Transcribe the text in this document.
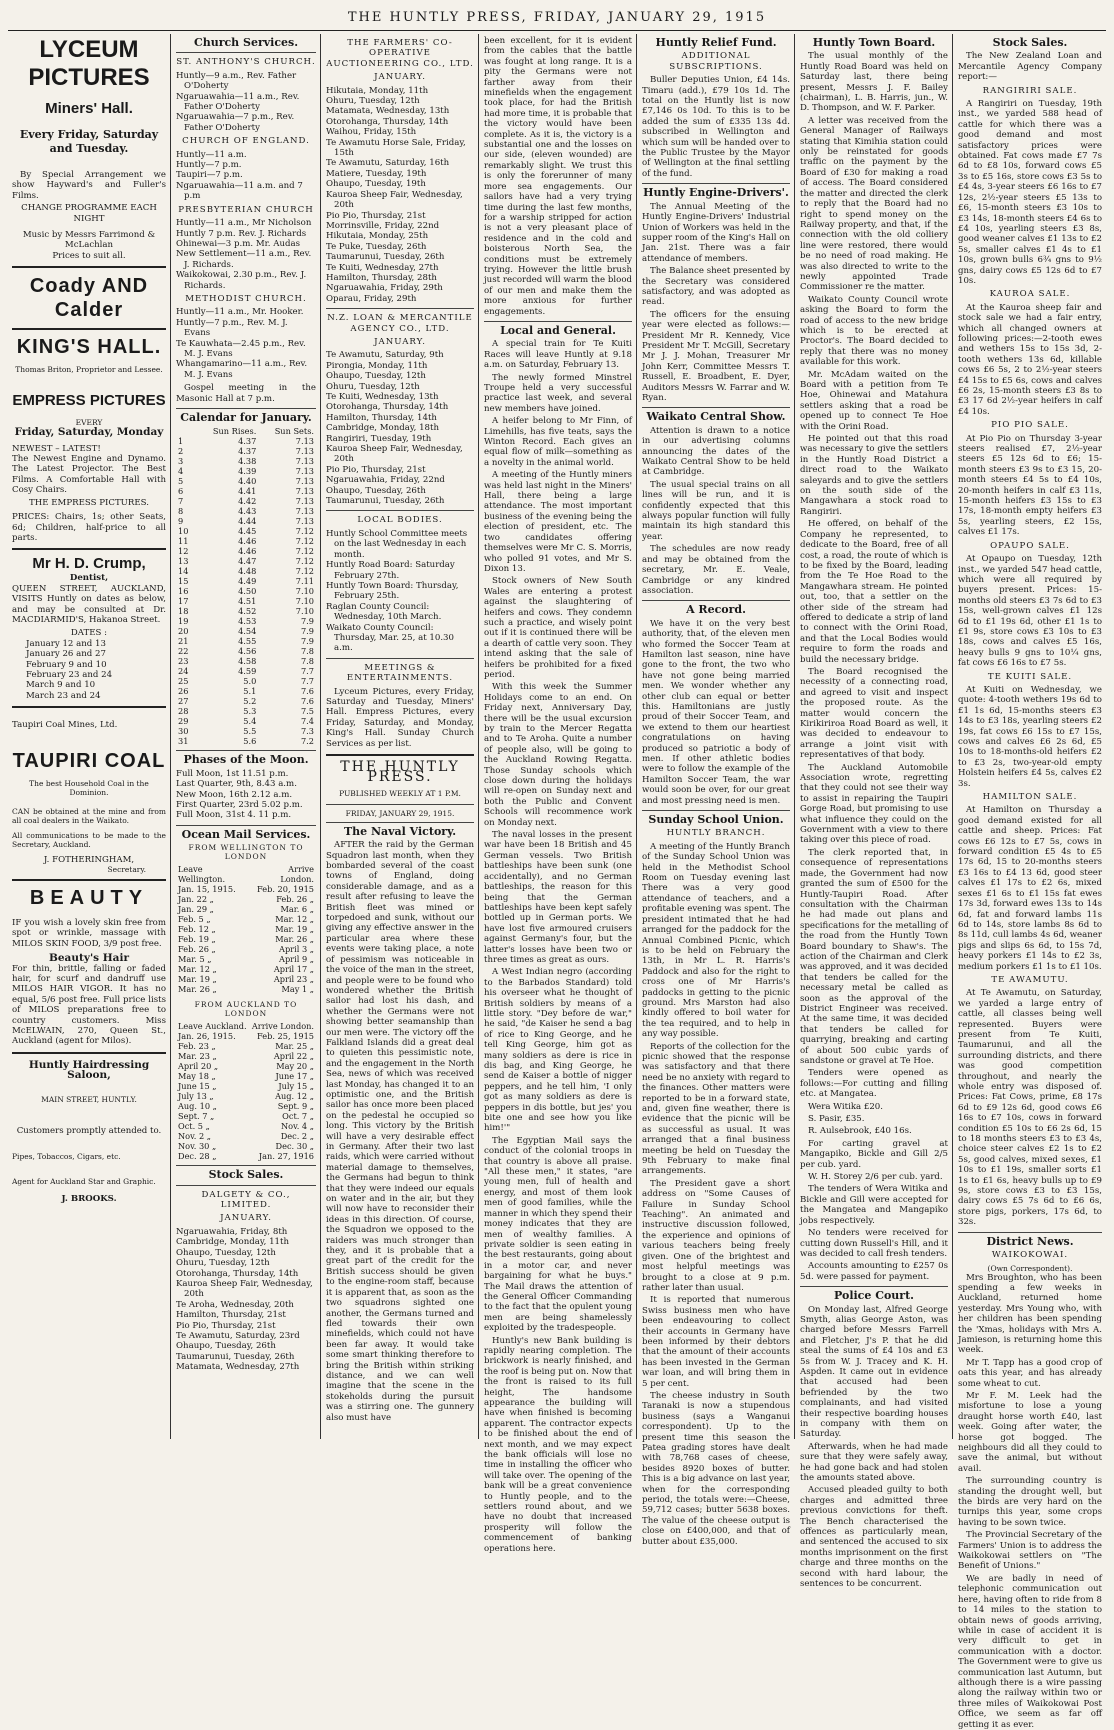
THE HUNTLY PRESS, FRIDAY, JANUARY 29, 1915
LYCEUM
PICTURES
Miners' Hall.
Every Friday, Saturday and Tuesday.

By Special Arrangement we show Hayward's and Fuller's Films.

CHANGE PROGRAMME EACH NIGHT
Music by Messrs Farrimond & McLachlan
Prices to suit all.
Coady AND Calder
KING'S HALL.
Thomas Briton, Proprietor and Lessee.
EMPRESS PICTURES
EVERY
Friday, Saturday, Monday
NEWEST – LATEST!

The Newest Engine and Dynamo. The Latest Projector. The Best Films. A Comfortable Hall with Cosy Chairs.

THE EMPRESS PICTURES.

PRICES: Chairs, 1s; other Seats, 6d; Children, half-price to all parts.

Mr H. D. Crump,
Dentist,

QUEEN STREET, AUCKLAND, VISITS Huntly on dates as below, and may be consulted at Dr. MACDIARMID'S, Hakanoa Street.

DATES :
January 12 and 13
January 26 and 27
February 9 and 10
February 23 and 24
March 9 and 10
March 23 and 24
Taupiri Coal Mines, Ltd.
TAUPIRI COAL
The best Household Coal in the Dominion.

CAN be obtained at the mine and from all coal dealers in the Waikato.

All communications to be made to the Secretary, Auckland.

J. FOTHERINGHAM,
Secretary.
BEAUTY

IF you wish a lovely skin free from spot or wrinkle, massage with MILOS SKIN FOOD, 3/9 post free.

Beauty's Hair

For thin, brittle, falling or faded hair, for scurf and dandruff use MILOS HAIR VIGOR. It has no equal, 5/6 post free. Full price lists of MILOS preparations free to country customers. Miss McELWAIN, 270, Queen St., Auckland (agent for Milos).

Huntly Hairdressing
Saloon,
MAIN STREET, HUNTLY.
Customers promptly attended to.
Pipes, Tobaccos, Cigars, etc.
Agent for Auckland Star and Graphic.
J. BROOKS.
Church Services.
ST. ANTHONY'S CHURCH.
Huntly—9 a.m., Rev. Father O'Doherty
Ngaruawahia—11 a.m., Rev. Father O'Doherty
Ngaruawahia—7 p.m., Rev. Father O'Doherty
CHURCH OF ENGLAND.
Huntly—11 a.m.
Huntly—7 p.m.
Taupiri—7 p.m.
Ngaruawahia—11 a.m. and 7 p.m
PRESBYTERIAN CHURCH
Huntly—11 a.m., Mr Nicholson
Huntly 7 p.m. Rev. J. Richards
Ohinewai—3 p.m. Mr. Audas
New Settlement—11 a.m., Rev. J. Richards.
Waikokowai, 2.30 p.m., Rev. J. Richards.
METHODIST CHURCH.
Huntly—11 a.m., Mr. Hooker.
Huntly—7 p.m., Rev. M. J. Evans
Te Kauwhata—2.45 p.m., Rev. M. J. Evans
Whangamarino—11 a.m., Rev. M. J. Evans

Gospel meeting in the Masonic Hall at 7 p.m.

Calendar for January.
	Sun Rises.	Sun Sets.
1	4.37	7.13
2	4.37	7.13
3	4.38	7.13
4	4.39	7.13
5	4.40	7.13
6	4.41	7.13
7	4.42	7.13
8	4.43	7.13
9	4.44	7.13
10	4.45	7.12
11	4.46	7.12
12	4.46	7.12
13	4.47	7.12
14	4.48	7.12
15	4.49	7.11
16	4.50	7.10
17	4.51	7.10
18	4.52	7.10
19	4.53	7.9
20	4.54	7.9
21	4.55	7.9
22	4.56	7.8
23	4.58	7.8
24	4.59	7.7
25	5.0	7.7
26	5.1	7.6
27	5.2	7.6
28	5.3	7.5
29	5.4	7.4
30	5.5	7.3
31	5.6	7.2
Phases of the Moon.
Full Moon, 1st 11.51 p.m.
Last Quarter, 9th, 8.43 a.m.
New Moon, 16th 2.12 a.m.
First Quarter, 23rd 5.02 p.m.
Full Moon, 31st 4. 11 p.m.
Ocean Mail Services.
FROM WELLINGTON TO LONDON
Leave Wellington.	Arrive London.
Jan. 15, 1915.	Feb. 20, 1915
Jan. 22 „	Feb. 26 „
Jan. 29 „	Mar. 6 „
Feb. 5 „	Mar. 12 „
Feb. 12 „	Mar. 19 „
Feb. 19 „	Mar. 26 „
Feb. 26 „	April 3 „
Mar. 5 „	April 9 „
Mar. 12 „	April 17 „
Mar. 19 „	April 23 „
Mar. 26 „	May 1 „
FROM AUCKLAND TO LONDON
Leave Auckland.	Arrive London.
Jan. 26, 1915.	Feb. 25, 1915
Feb. 23 „	Mar. 25 „
Mar. 23 „	April 22 „
April 20 „	May 20 „
May 18 „	June 17 „
June 15 „	July 15 „
July 13 „	Aug. 12 „
Aug. 10 „	Sept. 9 „
Sept. 7 „	Oct. 7 „
Oct. 5 „	Nov. 4 „
Nov. 2 „	Dec. 2 „
Nov. 30 „	Dec. 30 „
Dec. 28 „	Jan. 27, 1916
Stock Sales.
DALGETY & CO., LIMITED.
JANUARY.
Ngaruawahia, Friday, 8th
Cambridge, Monday, 11th
Ohaupo, Tuesday, 12th
Ohuru, Tuesday, 12th
Otorohanga, Thursday, 14th
Kauroa Sheep Fair, Wednesday, 20th
Te Aroha, Wednesday, 20th
Hamilton, Thursday, 21st
Pio Pio, Thursday, 21st
Te Awamutu, Saturday, 23rd
Ohaupo, Tuesday, 26th
Taumarunui, Tuesday, 26th
Matamata, Wednesday, 27th
THE FARMERS' CO-OPERATIVE AUCTIONEERING CO., LTD.
JANUARY.
Hikutaia, Monday, 11th
Ohuru, Tuesday, 12th
Matamata, Wednesday, 13th
Otorohanga, Thursday, 14th
Waihou, Friday, 15th
Te Awamutu Horse Sale, Friday, 15th
Te Awamutu, Saturday, 16th
Matiere, Tuesday, 19th
Ohaupo, Tuesday, 19th
Kauroa Sheep Fair, Wednesday, 20th
Pio Pio, Thursday, 21st
Morrinsville, Friday, 22nd
Hikutaia, Monday, 25th
Te Puke, Tuesday, 26th
Taumarunui, Tuesday, 26th
Te Kuiti, Wednesday, 27th
Hamilton, Thursday, 28th
Ngaruawahia, Friday, 29th
Oparau, Friday, 29th
N.Z. LOAN & MERCANTILE AGENCY CO., LTD.
JANUARY.
Te Awamutu, Saturday, 9th
Pirongia, Monday, 11th
Ohaupo, Tuesday, 12th
Ohuru, Tuesday, 12th
Te Kuiti, Wednesday, 13th
Otorohanga, Thursday, 14th
Hamilton, Thursday, 14th
Cambridge, Monday, 18th
Rangiriri, Tuesday, 19th
Kauroa Sheep Fair, Wednesday, 20th
Pio Pio, Thursday, 21st
Ngaruawahia, Friday, 22nd
Ohaupo, Tuesday, 26th
Taumarunui, Tuesday, 26th
LOCAL BODIES.
Huntly School Committee meets on the last Wednesday in each month.
Huntly Road Board: Saturday February 27th.
Huntly Town Board: Thursday, February 25th.
Raglan County Council: Wednesday, 10th March.
Waikato County Council: Thursday, Mar. 25, at 10.30 a.m.
MEETINGS & ENTERTAINMENTS.

Lyceum Pictures, every Friday, Saturday and Tuesday, Miners' Hall. Empress Pictures, every Friday, Saturday, and Monday, King's Hall. Sunday Church Services as per list.

THE HUNTLY PRESS.
PUBLISHED WEEKLY AT 1 P.M.
FRIDAY, JANUARY 29, 1915.
The Naval Victory.

AFTER the raid by the German Squadron last month, when they bombarded several of the coast towns of England, doing considerable damage, and as a result after refusing to leave the British fleet was mined or torpedoed and sunk, without our giving any effective answer in the particular area where these events were taking place, a note of pessimism was noticeable in the voice of the man in the street, and people were to be found who wondered whether the British sailor had lost his dash, and whether the Germans were not showing better seamanship than our men were. The victory off the Falkland Islands did a great deal to quieten this pessimistic note, and the engagement in the North Sea, news of which was received last Monday, has changed it to an optimistic one, and the British sailor has once more been placed on the pedestal he occupied so long. This victory by the British will have a very desirable effect in Germany. After their two last raids, which were carried without material damage to themselves, the Germans had begun to think that they were indeed our equals on water and in the air, but they will now have to reconsider their ideas in this direction. Of course, the Squadron we opposed to the raiders was much stronger than they, and it is probable that a great part of the credit for the British success should be given to the engine-room staff, because it is apparent that, as soon as the two squadrons sighted one another, the Germans turned and fled towards their own minefields, which could not have been far away. It would take some smart thinking therefore to bring the British within striking distance, and we can well imagine that the scene in the stokeholds during the pursuit was a stirring one. The gunnery also must have

been excellent, for it is evident from the cables that the battle was fought at long range. It is a pity the Germans were not farther away from their minefields when the engagement took place, for had the British had more time, it is probable that the victory would have been complete. As it is, the victory is a substantial one and the losses on our side, (eleven wounded) are remarkably slight. We trust this is only the forerunner of many more sea engagements. Our sailors have had a very trying time during the last few months, for a warship stripped for action is not a very pleasant place of residence and in the cold and boisterous North Sea, the conditions must be extremely trying. However the little brush just recorded will warm the blood of our men and make them the more anxious for further engagements.

Local and General.

A special train for Te Kuiti Races will leave Huntly at 9.18 a.m. on Saturday, February 13.

The newly formed Minstrel Troupe held a very successful practice last week, and several new members have joined.

A heifer belong to Mr Finn, of Limehills, has five teats, says the Winton Record. Each gives an equal flow of milk—something as a novelty in the animal world.

A meeting of the Huntly miners was held last night in the Miners' Hall, there being a large attendance. The most important business of the evening being the election of president, etc. The two candidates offering themselves were Mr C. S. Morris, who polled 91 votes, and Mr S. Dixon 13.

Stock owners of New South Wales are entering a protest against the slaughtering of heifers and cows. They condemn such a practice, and wisely point out if it is continued there will be a dearth of cattle very soon. They intend asking that the sale of heifers be prohibited for a fixed period.

With this week the Summer Holidays come to an end. On Friday next, Anniversary Day, there will be the usual excursion by train to the Mercer Regatta and to Te Aroha. Quite a number of people also, will be going to the Auckland Rowing Regatta. Those Sunday schools which close down during the holidays will re-open on Sunday next and both the Public and Convent Schools will recommence work on Monday next.

The naval losses in the present war have been 18 British and 45 German vessels. Two British battleships have been sunk (one accidentally), and no German battleships, the reason for this being that the German battleships have been kept safely bottled up in German ports. We have lost five armoured cruisers against Germany's four, but the latter's losses have been two or three times as great as ours.

A West Indian negro (according to the Barbados Standard) told his overseer what he thought of British soldiers by means of a little story. "Dey before de war," he said, "de Kaiser he send a bag of rice to King George, and he tell King George, him got as many soldiers as dere is rice in dis bag, and King George, he send de Kaiser a bottle of nigger peppers, and he tell him, 'I only got as many soldiers as dere is peppers in dis bottle, but jes' you bite one and see how you like him!'"

The Egyptian Mail says the conduct of the colonial troops in that country is above all praise. "All these men," it states, "are young men, full of health and energy, and most of them look men of good families, while the manner in which they spend their money indicates that they are men of wealthy families. A private soldier is seen eating in the best restaurants, going about in a motor car, and never bargaining for what he buys." The Mail draws the attention of the General Officer Commanding to the fact that the opulent young men are being shamelessly exploited by the tradespeople.

Huntly's new Bank building is rapidly nearing completion. The brickwork is nearly finished, and the roof is being put on. Now that the front is raised to its full height, The handsome appearance the building will have when finished is becoming apparent. The contractor expects to be finished about the end of next month, and we may expect the bank officials will lose no time in installing the officer who will take over. The opening of the bank will be a great convenience to Huntly people, and to the settlers round about, and we have no doubt that increased prosperity will follow the commencement of banking operations here.

Huntly Relief Fund.
ADDITIONAL SUBSCRIPTIONS.

Buller Deputies Union, £4 14s. Timaru (add.), £79 10s 1d. The total on the Huntly list is now £7,146 0s 10d. To this is to be added the sum of £335 13s 4d. subscribed in Wellington and which sum will be handed over to the Public Trustee by the Mayor of Wellington at the final settling of the fund.

Huntly Engine-Drivers'.

The Annual Meeting of the Huntly Engine-Drivers' Industrial Union of Workers was held in the supper room of the King's Hall on Jan. 21st. There was a fair attendance of members.

The Balance sheet presented by the Secretary was considered satisfactory, and was adopted as read.

The officers for the ensuing year were elected as follows:—President Mr R. Kennedy, Vice President Mr T. McGill, Secretary Mr J. J. Mohan, Treasurer Mr John Kerr, Committee Messrs T. Russell, E. Broadbent, E. Dyer, Auditors Messrs W. Farrar and W. Ryan.

Waikato Central Show.

Attention is drawn to a notice in our advertising columns announcing the dates of the Waikato Central Show to be held at Cambridge.

The usual special trains on all lines will be run, and it is confidently expected that this always popular function will fully maintain its high standard this year.

The schedules are now ready and may be obtained from the secretary, Mr. E. Veale, Cambridge or any kindred association.

A Record.

We have it on the very best authority, that, of the eleven men who formed the Soccer Team at Hamilton last season, nine have gone to the front, the two who have not gone being married men. We wonder whether any other club can equal or better this. Hamiltonians are justly proud of their Soccer Team, and we extend to them our heartiest congratulations on having produced so patriotic a body of men. If other athletic bodies were to follow the example of the Hamilton Soccer Team, the war would soon be over, for our great and most pressing need is men.

Sunday School Union.
HUNTLY BRANCH.

A meeting of the Huntly Branch of the Sunday School Union was held in the Methodist School Room on Tuesday evening last There was a very good attendance of teachers, and a profitable evening was spent. The president intimated that he had arranged for the paddock for the Annual Combined Picnic, which is to be held on February the 13th, in Mr L. R. Harris's Paddock and also for the right to cross one of Mr Harris's paddocks in getting to the picnic ground. Mrs Marston had also kindly offered to boil water for the tea required, and to help in any way possible.

Reports of the collection for the picnic showed that the response was satisfactory and that there need be no anxiety with regard to the finances. Other matters were reported to be in a forward state, and, given fine weather, there is evidence that the picnic will be as successful as usual. It was arranged that a final business meeting be held on Tuesday the 9th February to make final arrangements.

The President gave a short address on "Some Causes of Failure in Sunday School Teaching". An animated and instructive discussion followed, the experience and opinions of various teachers being freely given. One of the brightest and most helpful meetings was brought to a close at 9 p.m. rather later than usual.

It is reported that numerous Swiss business men who have been endeavouring to collect their accounts in Germany have been informed by their debtors that the amount of their accounts has been invested in the German war loan, and will bring them in 5 per cent.

The cheese industry in South Taranaki is now a stupendous business (says a Wanganui correspondent). Up to the present time this season the Patea grading stores have dealt with 78,768 cases of cheese, besides 8920 boxes of butter. This is a big advance on last year, when for the corresponding period, the totals were:—Cheese, 59,712 cases; butter 5638 boxes. The value of the cheese output is close on £400,000, and that of butter about £35,000.

Huntly Town Board.

The usual monthly of the Huntly Road Board was held on Saturday last, there being present, Messrs J. F. Bailey (chairman), L. B. Harris, jun., W. D. Thompson, and W. F. Parker.

A letter was received from the General Manager of Railways stating that Kimihia station could only be reinstated for goods traffic on the payment by the Board of £30 for making a road of access. The Board considered the matter and directed the clerk to reply that the Board had no right to spend money on the Railway property, and that, if the connection with the old colliery line were restored, there would be no need of road making. He was also directed to write to the newly appointed Trade Commissioner re the matter.

Waikato County Council wrote asking the Board to form the road of access to the new bridge which is to be erected at Proctor's. The Board decided to reply that there was no money available for this work.

Mr. McAdam waited on the Board with a petition from Te Hoe, Ohinewai and Matahura settlers asking that a road be opened up to connect Te Hoe with the Orini Road.

He pointed out that this road was necessary to give the settlers in the Huntly Road District a direct road to the Waikato saleyards and to give the settlers on the south side of the Mangawhara a stock road to Rangiriri.

He offered, on behalf of the Company he represented, to dedicate to the Board, free of all cost, a road, the route of which is to be fixed by the Board, leading from the Te Hoe Road to the Mangawhara stream. He pointed out, too, that a settler on the other side of the stream had offered to dedicate a strip of land to connect with the Orini Road, and that the Local Bodies would require to form the roads and build the necessary bridge.

The Board recognised the necessity of a connecting road, and agreed to visit and inspect the proposed route. As the matter would concern the Kirikiriroa Road Board as well, it was decided to endeavour to arrange a joint visit with representatives of that body.

The Auckland Automobile Association wrote, regretting that they could not see their way to assist in repairing the Taupiri Gorge Road, but promising to use what influence they could on the Government with a view to there taking over this piece of road.

The clerk reported that, in consequence of representations made, the Government had now granted the sum of £500 for the Huntly-Taupiri Road. After consultation with the Chairman he had made out plans and specifications for the metalling of the road from the Huntly Town Board boundary to Shaw's. The action of the Chairman and Clerk was approved, and it was decided that tenders be called for the necessary metal be called as soon as the approval of the District Engineer was received. At the same time, it was decided that tenders be called for quarrying, breaking and carting of about 500 cubic yards of sandstone or gravel at Te Hoe.

Tenders were opened as follows:—For cutting and filling etc. at Mangatea.

Wera Witika £20.

S. Pasir, £35.

R. Aulsebrook, £40 16s.

For carting gravel at Mangapiko, Bickle and Gill 2/5 per cub. yard.

W. H. Storey 2/6 per cub. yard.

The tenders of Wera Witika and Bickle and Gill were accepted for the Mangatea and Mangapiko jobs respectively.

No tenders were received for cutting down Russell's Hill, and it was decided to call fresh tenders.

Accounts amounting to £257 0s 5d. were passed for payment.

Police Court.

On Monday last, Alfred George Smyth, alias George Aston, was charged before Messrs Farrell and Fletcher, J's P. that he did steal the sums of £4 10s and £3 5s from W. J. Tracey and K. H. Aspden. It came out in evidence that accused had been befriended by the two complainants, and had visited their respective boarding houses in company with them on Saturday.

Afterwards, when he had made sure that they were safely away, he had gone back and had stolen the amounts stated above.

Accused pleaded guilty to both charges and admitted three previous convictions for theft. The Bench characterised the offences as particularly mean, and sentenced the accused to six months imprisonment on the first charge and three months on the second with hard labour, the sentences to be concurrent.

Stock Sales.

The New Zealand Loan and Mercantile Agency Company report:—

RANGIRIRI SALE.

A Rangiriri on Tuesday, 19th inst., we yarded 588 head of cattle for which there was a good demand and most satisfactory prices were obtained. Fat cows made £7 7s 6d to £8 10s, forward cows £5 3s to £5 16s, store cows £3 5s to £4 4s, 3-year steers £6 16s to £7 12s, 2½-year steers £5 13s to £6, 15-month steers £3 10s to £3 14s, 18-month steers £4 6s to £4 10s, yearling steers £3 8s, good weaner calves £1 13s to £2 5s, smaller calves £1 4s to £1 10s, grown bulls 6¾ gns to 9½ gns, dairy cows £5 12s 6d to £7 10s.

KAUROA SALE.

At the Kauroa sheep fair and stock sale we had a fair entry, which all changed owners at following prices:—2-tooth ewes and wethers 15s to 15s 3d, 2-tooth wethers 13s 6d, killable cows £6 5s, 2 to 2½-year steers £4 15s to £5 6s, cows and calves £6 2s, 15-month steers £3 8s to £3 17 6d 2½-year heifers in calf £4 10s.

PIO PIO SALE.

At Pio Pio on Thursday 3-year steers realised £7, 2½-year steers £5 12s 6d to £6; 15-month steers £3 9s to £3 15, 20-month steers £4 5s to £4 10s, 20-month heifers in calf £3 11s, 15-month heifers £3 15s to £3 17s, 18-month empty heifers £3 5s, yearling steers, £2 15s, calves £1 17s.

OPAUPO SALE.

At Opaupo on Tuesday, 12th inst., we yarded 547 head cattle, which were all required by buyers present. Prices: 15-months old steers £3 7s 6d to £3 15s, well-grown calves £1 12s 6d to £1 19s 6d, other £1 1s to £1 9s, store cows £3 10s to £3 18s, cows and calves £5 16s, heavy bulls 9 gns to 10¼ gns, fat cows £6 16s to £7 5s.

TE KUITI SALE.

At Kuiti on Wednesday, we quote: 4-tooth wethers 19s 6d to £1 1s 6d, 15-months steers £3 14s to £3 18s, yearling steers £2 19s, fat cows £6 15s to £7 15s, cows and calves £6 2s 6d, £5 10s to 18-months-old heifers £2 to £3 2s, two-year-old empty Holstein heifers £4 5s, calves £2 3s.

HAMILTON SALE.

At Hamilton on Thursday a good demand existed for all cattle and sheep. Prices: Fat cows £6 12s to £7 5s, cows in forward condition £5 4s to £5 17s 6d, 15 to 20-months steers £3 16s to £4 13 6d, good steer calves £1 17s to £2 6s, mixed sexes £1 6s to £1 15s fat ewes 17s 3d, forward ewes 13s to 14s 6d, fat and forward lambs 11s 6d to 14s, store lambs 8s 6d to 8s 11d, cull lambs 4s 6d, weaner pigs and slips 6s 6d, to 15s 7d, heavy porkers £1 14s to £2 3s, medium porkers £1 1s to £1 10s.

TE AWAMUTU.

At Te Awamutu, on Saturday, we yarded a large entry of cattle, all classes being well represented. Buyers were present from Te Kuiti, Taumarunui, and all the surrounding districts, and there was good competition throughout, and nearly the whole entry was disposed of. Prices: Fat Cows, prime, £8 17s 6d to £9 12s 6d, good cows £6 16s to £7 10s, cows in forward condition £5 10s to £6 2s 6d, 15 to 18 months steers £3 to £3 4s, choice steer calves £2 1s to £2 5s, good calves, mixed sexes, £1 10s to £1 19s, smaller sorts £1 1s to £1 6s, heavy bulls up to £9 9s, store cows £3 to £3 15s, dairy cows £5 7s 6d to £6 6s, store pigs, porkers, 17s 6d, to 32s.

District News.
WAIKOKOWAI.
(Own Correspondent).

Mrs Broughton, who has been spending a few weeks in Auckland, returned home yesterday. Mrs Young who, with her children has been spending the 'Xmas, holidays with Mrs A. Jamieson, is returning home this week.

Mr T. Tapp has a good crop of oats this year, and has already some wheat to cut.

Mr F. M. Leek had the misfortune to lose a young draught horse worth £40, last week. Going after water, the horse got bogged. The neighbours did all they could to save the animal, but without avail.

The surrounding country is standing the drought well, but the birds are very hard on the turnips this year, some crops having to be sown twice.

The Provincial Secretary of the Farmers' Union is to address the Waikokowai settlers on "The Benefit of Unions."

We are badly in need of telephonic communication out here, having often to ride from 8 to 14 miles to the station to obtain news of goods arriving, while in case of accident it is very difficult to get in communication with a doctor. The Government were to give us communication last Autumn, but although there is a wire passing along the railway within two or three miles of Waikokowai Post Office, we seem as far off getting it as ever.
